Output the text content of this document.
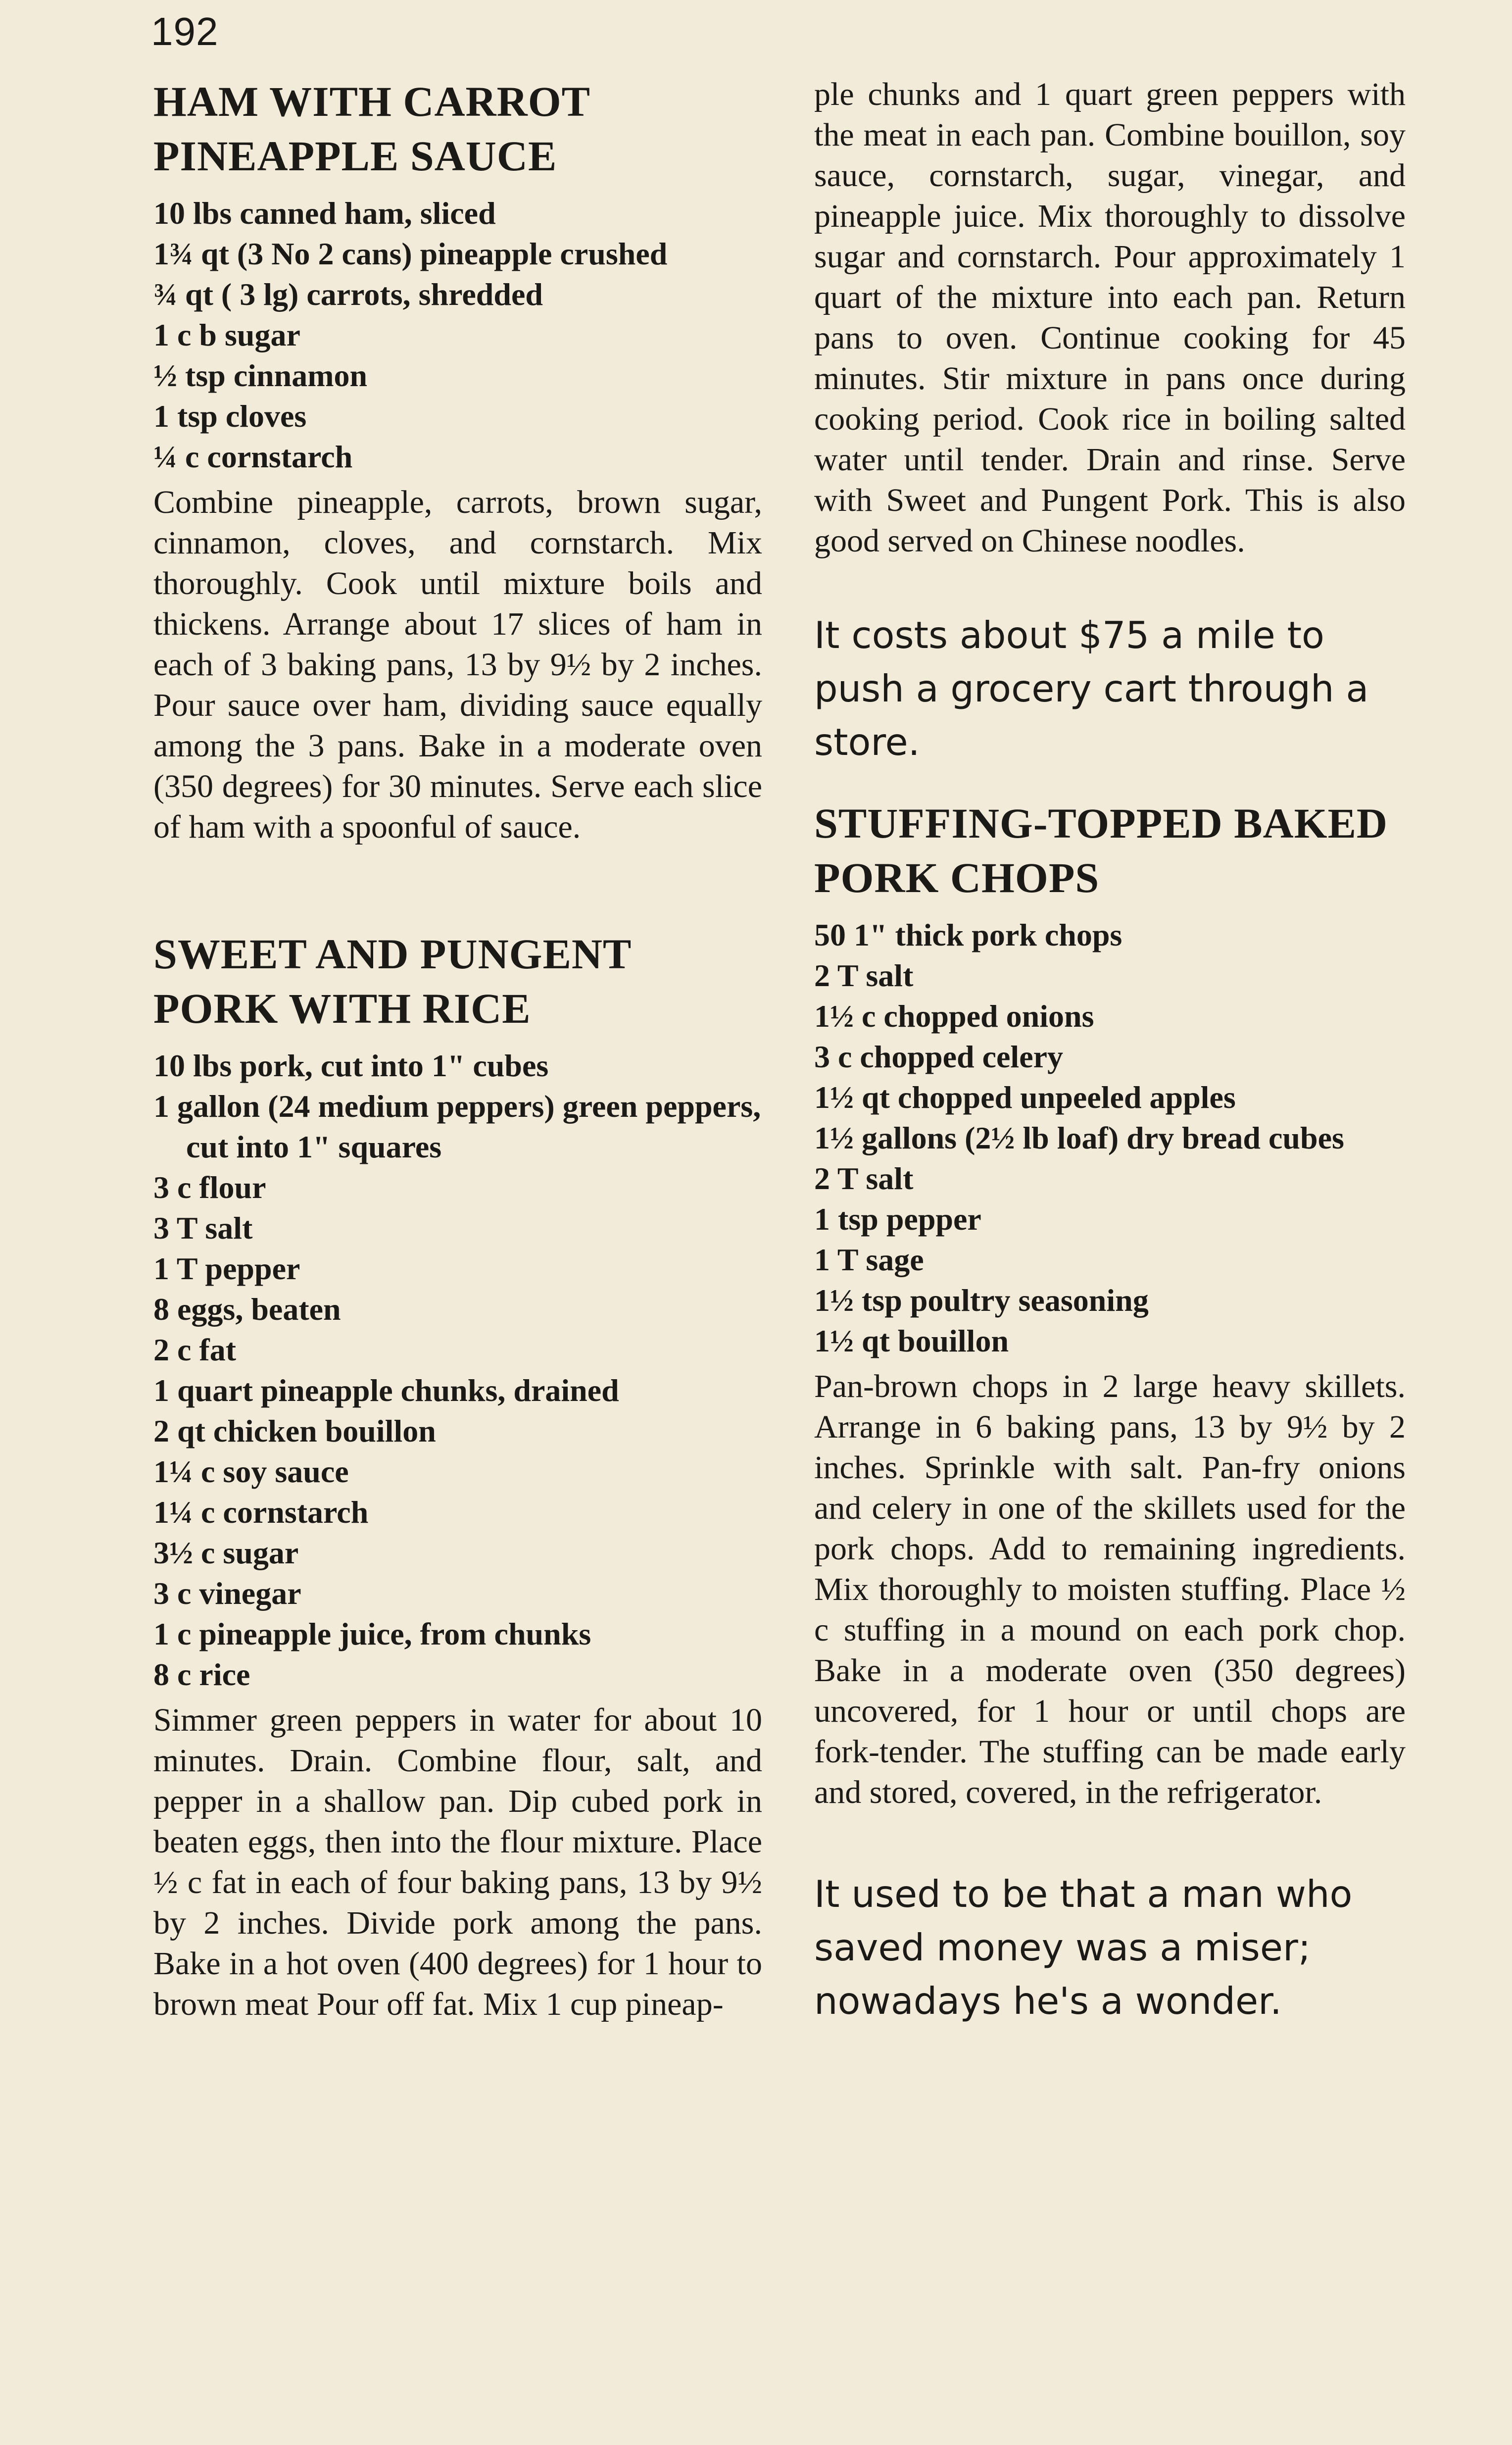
192
HAM WITH CARROT PINEAPPLE SAUCE
10 lbs canned ham, sliced
1¾ qt (3 No 2 cans) pineapple crushed
¾ qt ( 3 lg) carrots, shredded
1 c b sugar
½ tsp cinnamon
1 tsp cloves
¼ c cornstarch

Combine pineapple, carrots, brown sugar, cinnamon, cloves, and cornstarch. Mix thoroughly. Cook until mixture boils and thickens. Arrange about 17 slices of ham in each of 3 baking pans, 13 by 9½ by 2 inches. Pour sauce over ham, dividing sauce equally among the 3 pans. Bake in a moderate oven (350 degrees) for 30 minutes. Serve each slice of ham with a spoonful of sauce.

SWEET AND PUNGENT PORK WITH RICE
10 lbs pork, cut into 1" cubes
1 gallon (24 medium peppers) green peppers, cut into 1" squares
3 c flour
3 T salt
1 T pepper
8 eggs, beaten
2 c fat
1 quart pineapple chunks, drained
2 qt chicken bouillon
1¼ c soy sauce
1¼ c cornstarch
3½ c sugar
3 c vinegar
1 c pineapple juice, from chunks
8 c rice

Simmer green peppers in water for about 10 minutes. Drain. Combine flour, salt, and pepper in a shallow pan. Dip cubed pork in beaten eggs, then into the flour mixture. Place ½ c fat in each of four baking pans, 13 by 9½ by 2 inches. Divide pork among the pans. Bake in a hot oven (400 degrees) for 1 hour to brown meat Pour off fat. Mix 1 cup pineap-

ple chunks and 1 quart green peppers with the meat in each pan. Combine bouillon, soy sauce, cornstarch, sugar, vinegar, and pineapple juice. Mix thoroughly to dissolve sugar and cornstarch. Pour approximately 1 quart of the mixture into each pan. Return pans to oven. Continue cooking for 45 minutes. Stir mixture in pans once during cooking period. Cook rice in boiling salted water until tender. Drain and rinse. Serve with Sweet and Pungent Pork. This is also good served on Chinese noodles.

It costs about $75 a mile to push a grocery cart through a store.

STUFFING-TOPPED BAKED PORK CHOPS
50 1" thick pork chops
2 T salt
1½ c chopped onions
3 c chopped celery
1½ qt chopped unpeeled apples
1½ gallons (2½ lb loaf) dry bread cubes
2 T salt
1 tsp pepper
1 T sage
1½ tsp poultry seasoning
1½ qt bouillon

Pan-brown chops in 2 large heavy skillets. Arrange in 6 baking pans, 13 by 9½ by 2 inches. Sprinkle with salt. Pan-fry onions and celery in one of the skillets used for the pork chops. Add to remaining ingredients. Mix thoroughly to moisten stuffing. Place ½ c stuffing in a mound on each pork chop. Bake in a moderate oven (350 degrees) uncovered, for 1 hour or until chops are fork-tender. The stuffing can be made early and stored, covered, in the refrigerator.

It used to be that a man who saved money was a miser; nowadays he's a wonder.
